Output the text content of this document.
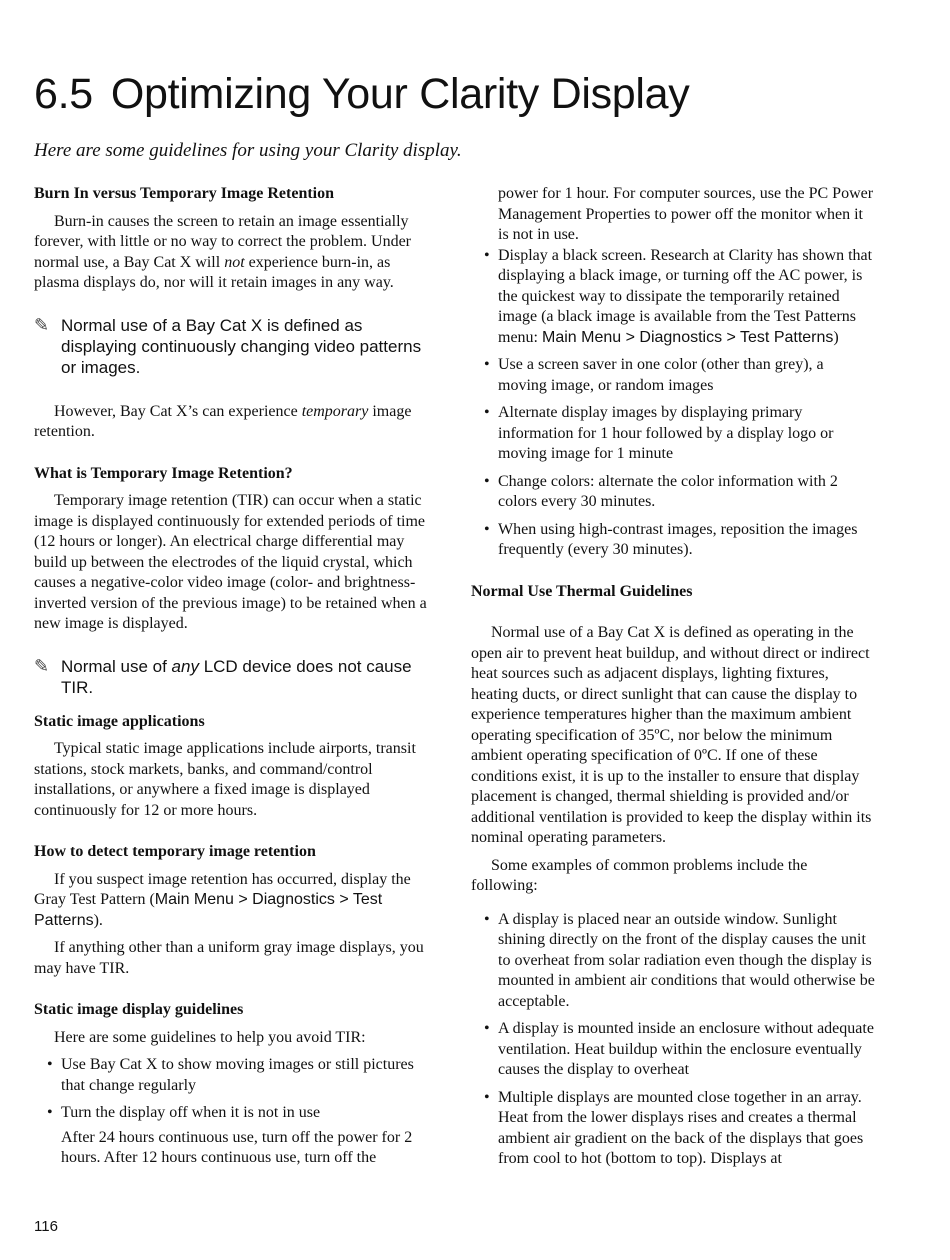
6.5 Optimizing Your Clarity Display

Here are some guidelines for using your Clarity display.

Burn In versus Temporary Image Retention

Burn-in causes the screen to retain an image essentially forever, with little or no way to correct the problem. Under normal use, a Bay Cat X will not experience burn-in, as plasma displays do, nor will it retain images in any way.

✎ Normal use of a Bay Cat X is defined as displaying continuously changing video patterns or images.

However, Bay Cat X’s can experience temporary image retention.

What is Temporary Image Retention?

Temporary image retention (TIR) can occur when a static image is displayed continuously for extended periods of time (12 hours or longer). An electrical charge differential may build up between the electrodes of the liquid crystal, which causes a negative-color video image (color- and brightness-inverted version of the previous image) to be retained when a new image is displayed.

✎ Normal use of any LCD device does not cause TIR.
Static image applications

Typical static image applications include airports, transit stations, stock markets, banks, and command/control installations, or anywhere a fixed image is displayed continuously for 12 or more hours.

How to detect temporary image retention

If you suspect image retention has occurred, display the Gray Test Pattern (Main Menu > Diagnostics > Test Patterns).

If anything other than a uniform gray image displays, you may have TIR.

Static image display guidelines

Here are some guidelines to help you avoid TIR:

• Use Bay Cat X to show moving images or still pictures that change regularly
• Turn the display off when it is not in use

After 24 hours continuous use, turn off the power for 2 hours. After 12 hours continuous use, turn off the

power for 1 hour. For computer sources, use the PC Power Management Properties to power off the monitor when it is not in use.

• Display a black screen. Research at Clarity has shown that displaying a black image, or turning off the AC power, is the quickest way to dissipate the temporarily retained image (a black image is available from the Test Patterns menu: Main Menu > Diagnostics > Test Patterns)
• Use a screen saver in one color (other than grey), a moving image, or random images
• Alternate display images by displaying primary information for 1 hour followed by a display logo or moving image for 1 minute
• Change colors: alternate the color information with 2 colors every 30 minutes.
• When using high-contrast images, reposition the images frequently (every 30 minutes).
Normal Use Thermal Guidelines

Normal use of a Bay Cat X is defined as operating in the open air to prevent heat buildup, and without direct or indirect heat sources such as adjacent displays, lighting fixtures, heating ducts, or direct sunlight that can cause the display to experience temperatures higher than the maximum ambient operating specification of 35ºC, nor below the minimum ambient operating specification of 0ºC. If one of these conditions exist, it is up to the installer to ensure that display placement is changed, thermal shielding is provided and/or additional ventilation is provided to keep the display within its nominal operating parameters.

Some examples of common problems include the following:

• A display is placed near an outside window. Sunlight shining directly on the front of the display causes the unit to overheat from solar radiation even though the display is mounted in ambient air conditions that would otherwise be acceptable.
• A display is mounted inside an enclosure without adequate ventilation. Heat buildup within the enclosure eventually causes the display to overheat
• Multiple displays are mounted close together in an array. Heat from the lower displays rises and creates a thermal ambient air gradient on the back of the displays that goes from cool to hot (bottom to top). Displays at

116
